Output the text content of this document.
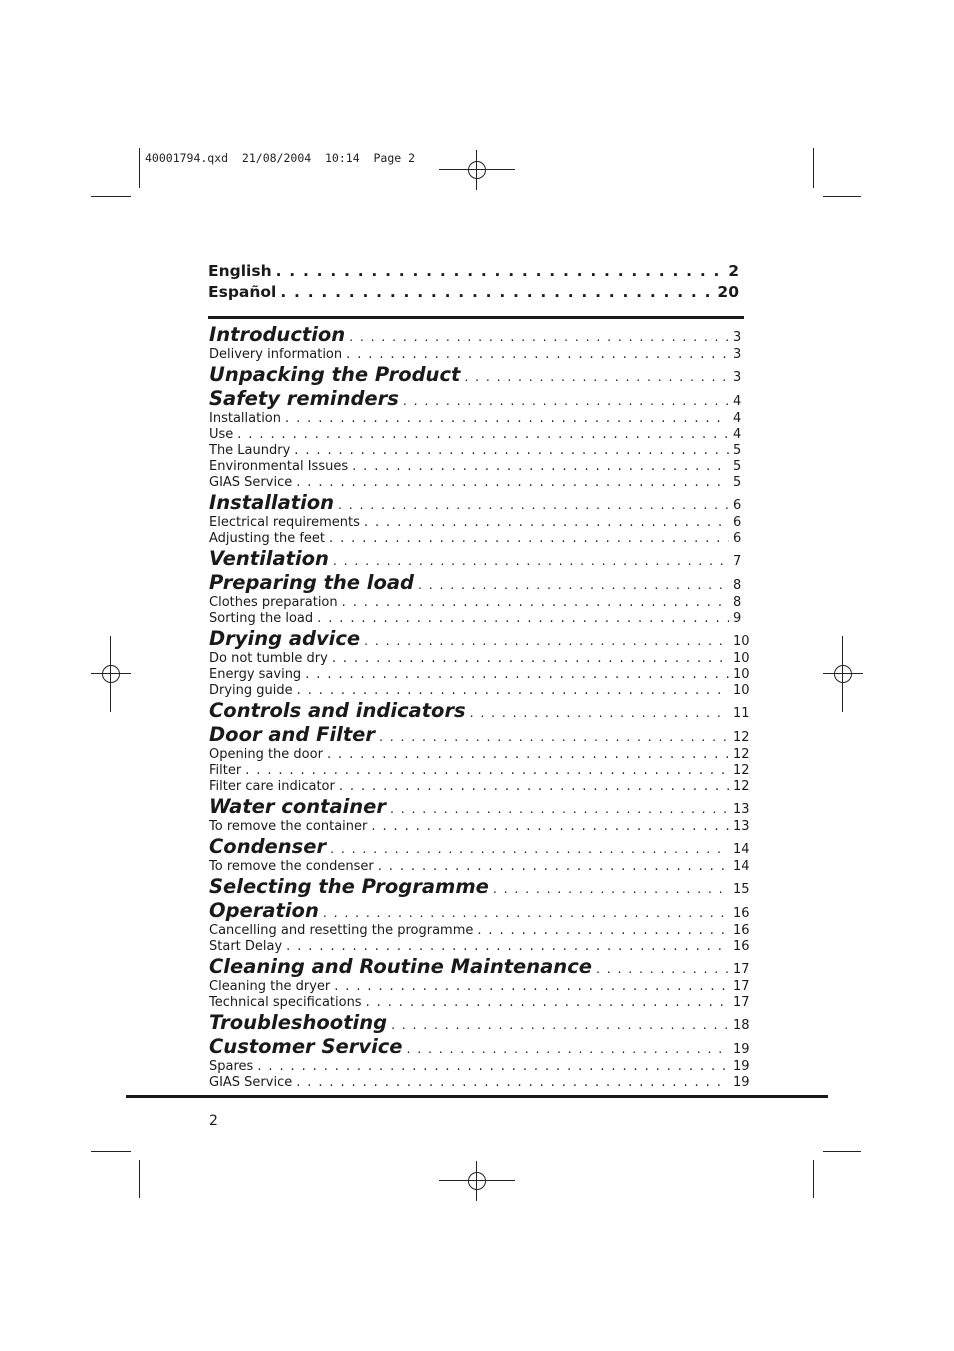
40001794.qxd  21/08/2004  10:14  Page 2
English . . .	2
Español . . .	20
Introduction . . .	3
Delivery information . . .	3
Unpacking the Product . . .	3
Safety reminders . . .	4
Installation . . .	4
Use . . .	4
The Laundry . . .	5
Environmental Issues . . .	5
GIAS Service . . .	5
Installation . . .	6
Electrical requirements . . .	6
Adjusting the feet . . .	6
Ventilation . . .	7
Preparing the load . . .	8
Clothes preparation . . .	8
Sorting the load . . .	9
Drying advice . . .	10
Do not tumble dry . . .	10
Energy saving . . .	10
Drying guide . . .	10
Controls and indicators . . .	11
Door and Filter . . .	12
Opening the door . . .	12
Filter . . .	12
Filter care indicator . . .	12
Water container . . .	13
To remove the container . . .	13
Condenser . . .	14
To remove the condenser . . .	14
Selecting the Programme . . .	15
Operation . . .	16
Cancelling and resetting the programme . . .	16
Start Delay . . .	16
Cleaning and Routine Maintenance . . .	17
Cleaning the dryer . . .	17
Technical specifications . . .	17
Troubleshooting . . .	18
Customer Service . . .	19
Spares . . .	19
GIAS Service . . .	19
2
